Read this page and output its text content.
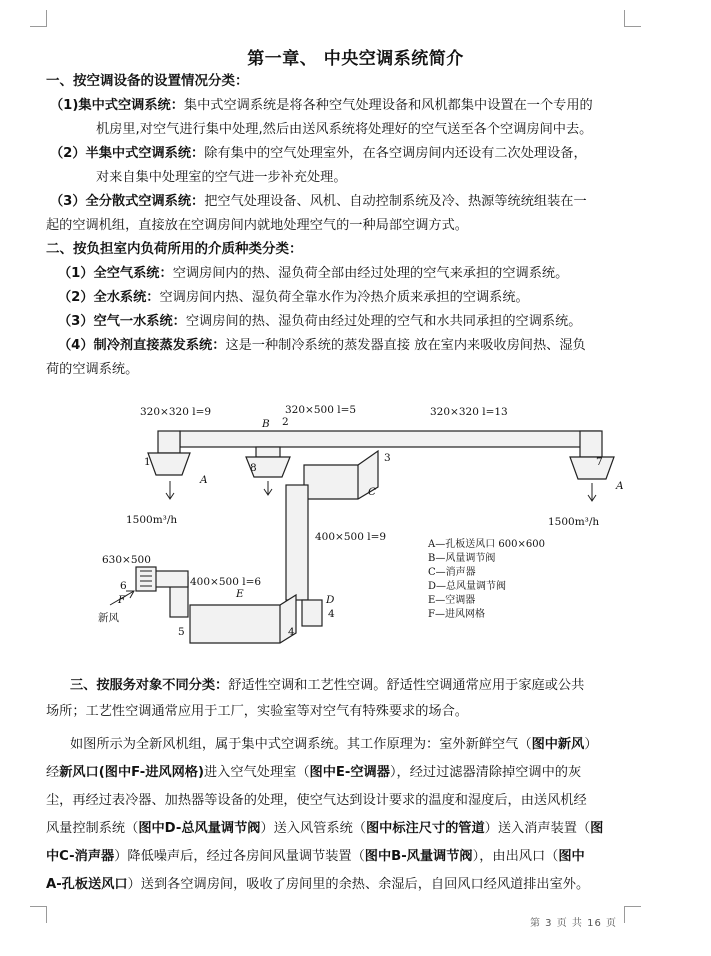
第一章、 中央空调系统简介
一、按空调设备的设置情况分类：
（1)集中式空调系统：集中式空调系统是将各种空气处理设备和风机都集中设置在一个专用的
机房里,对空气进行集中处理,然后由送风系统将处理好的空气送至各个空调房间中去。
（2）半集中式空调系统：除有集中的空气处理室外，在各空调房间内还设有二次处理设备，
对来自集中处理室的空气进一步补充处理。
（3）全分散式空调系统：把空气处理设备、风机、自动控制系统及冷、热源等统统组装在一
起的空调机组，直接放在空调房间内就地处理空气的一种局部空调方式。
二、按负担室内负荷所用的介质种类分类：
（1）全空气系统：空调房间内的热、湿负荷全部由经过处理的空气来承担的空调系统。
（2）全水系统：空调房间内热、湿负荷全靠水作为冷热介质来承担的空调系统。
（3）空气一水系统：空调房间的热、湿负荷由经过处理的空气和水共同承担的空调系统。
（4）制冷剂直接蒸发系统：这是一种制冷系统的蒸发器直接 放在室内来吸收房间热、湿负
荷的空调系统。
320×320 l=9	320×500 l=5	320×320 l=13
400×500 l=9
400×500 l=6
630×500
1500m³/h	1500m³/h
新风
1
2
3
4
4
5
6
7
8
A	A
B
C
D
E
F
A—孔板送风口 600×600
B—风量调节阀
C—消声器
D—总风量调节阀
E—空调器
F—进风网格
三、按服务对象不同分类：舒适性空调和工艺性空调。舒适性空调通常应用于家庭或公共
场所；工艺性空调通常应用于工厂，实验室等对空气有特殊要求的场合。
如图所示为全新风机组，属于集中式空调系统。其工作原理为：室外新鲜空气（图中新风）
经新风口(图中F-进风网格)进入空气处理室（图中E-空调器），经过过滤器清除掉空调中的灰
尘，再经过表冷器、加热器等设备的处理，使空气达到设计要求的温度和湿度后，由送风机经
风量控制系统（图中D-总风量调节阀）送入风管系统（图中标注尺寸的管道）送入消声装置（图
中C-消声器）降低噪声后，经过各房间风量调节装置（图中B-风量调节阀），由出风口（图中
A-孔板送风口）送到各空调房间，吸收了房间里的余热、余湿后，自回风口经风道排出室外。
第 3 页 共 16 页
